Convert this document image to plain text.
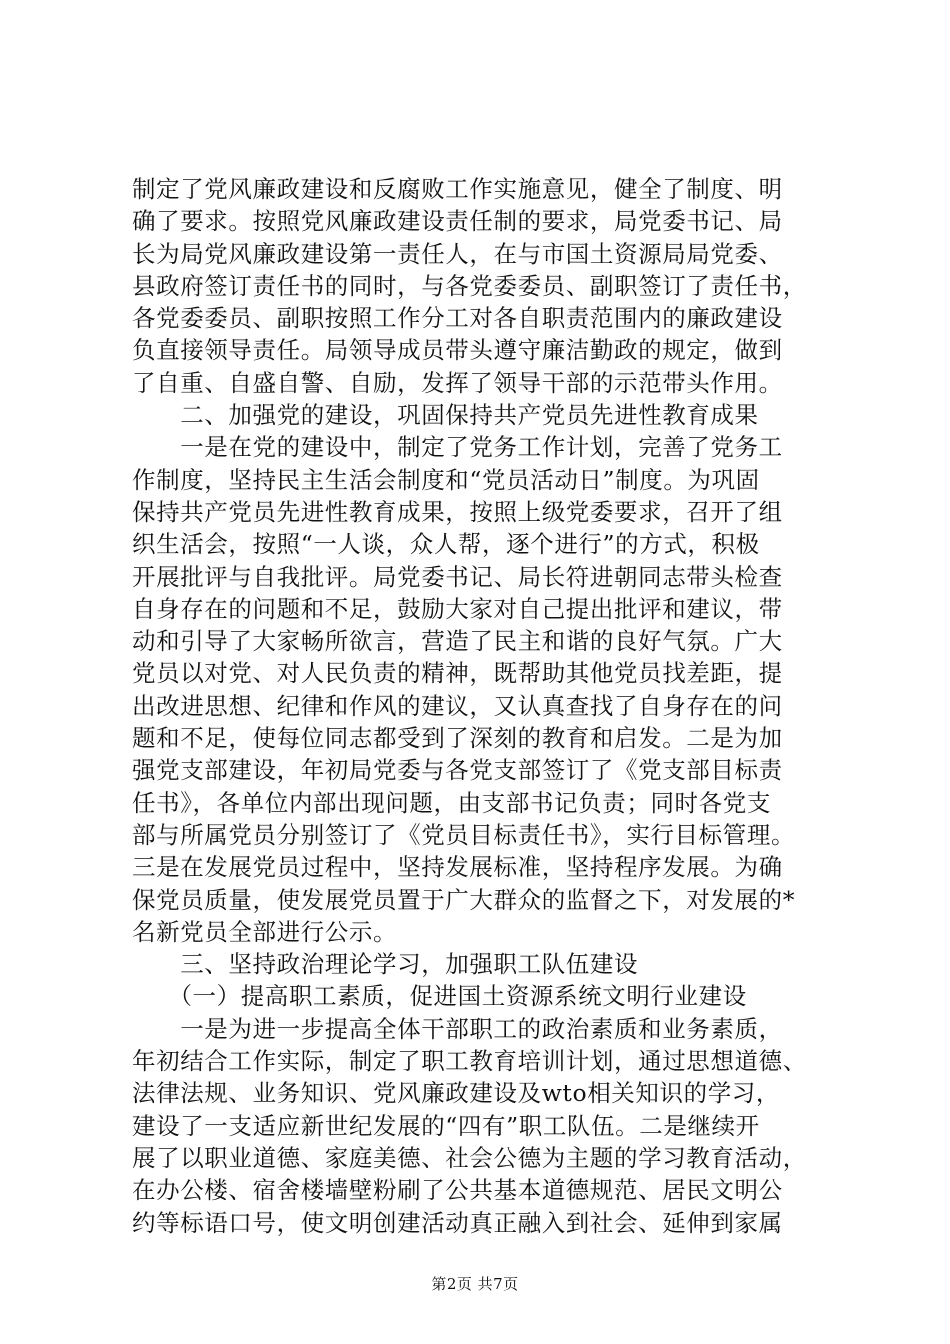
制定了党风廉政建设和反腐败工作实施意见，健全了制度、明
确了要求。按照党风廉政建设责任制的要求，局党委书记、局
长为局党风廉政建设第一责任人，在与市国土资源局局党委、
县政府签订责任书的同时，与各党委委员、副职签订了责任书，
各党委委员、副职按照工作分工对各自职责范围内的廉政建设
负直接领导责任。局领导成员带头遵守廉洁勤政的规定，做到
了自重、自盛自警、自励，发挥了领导干部的示范带头作用。
　　二、加强党的建设，巩固保持共产党员先进性教育成果
　　一是在党的建设中，制定了党务工作计划，完善了党务工
作制度，坚持民主生活会制度和“党员活动日”制度。为巩固
保持共产党员先进性教育成果，按照上级党委要求，召开了组
织生活会，按照“一人谈，众人帮，逐个进行”的方式，积极
开展批评与自我批评。局党委书记、局长符进朝同志带头检查
自身存在的问题和不足，鼓励大家对自己提出批评和建议，带
动和引导了大家畅所欲言，营造了民主和谐的良好气氛。广大
党员以对党、对人民负责的精神，既帮助其他党员找差距，提
出改进思想、纪律和作风的建议，又认真查找了自身存在的问
题和不足，使每位同志都受到了深刻的教育和启发。二是为加
强党支部建设，年初局党委与各党支部签订了《党支部目标责
任书》，各单位内部出现问题，由支部书记负责；同时各党支
部与所属党员分别签订了《党员目标责任书》，实行目标管理。
三是在发展党员过程中，坚持发展标准，坚持程序发展。为确
保党员质量，使发展党员置于广大群众的监督之下，对发展的*
名新党员全部进行公示。
　　三、坚持政治理论学习，加强职工队伍建设
　　（一）提高职工素质，促进国土资源系统文明行业建设
　　一是为进一步提高全体干部职工的政治素质和业务素质，
年初结合工作实际，制定了职工教育培训计划，通过思想道德、
法律法规、业务知识、党风廉政建设及wto相关知识的学习，
建设了一支适应新世纪发展的“四有”职工队伍。二是继续开
展了以职业道德、家庭美德、社会公德为主题的学习教育活动，
在办公楼、宿舍楼墙壁粉刷了公共基本道德规范、居民文明公
约等标语口号，使文明创建活动真正融入到社会、延伸到家属
第2页 共7页
